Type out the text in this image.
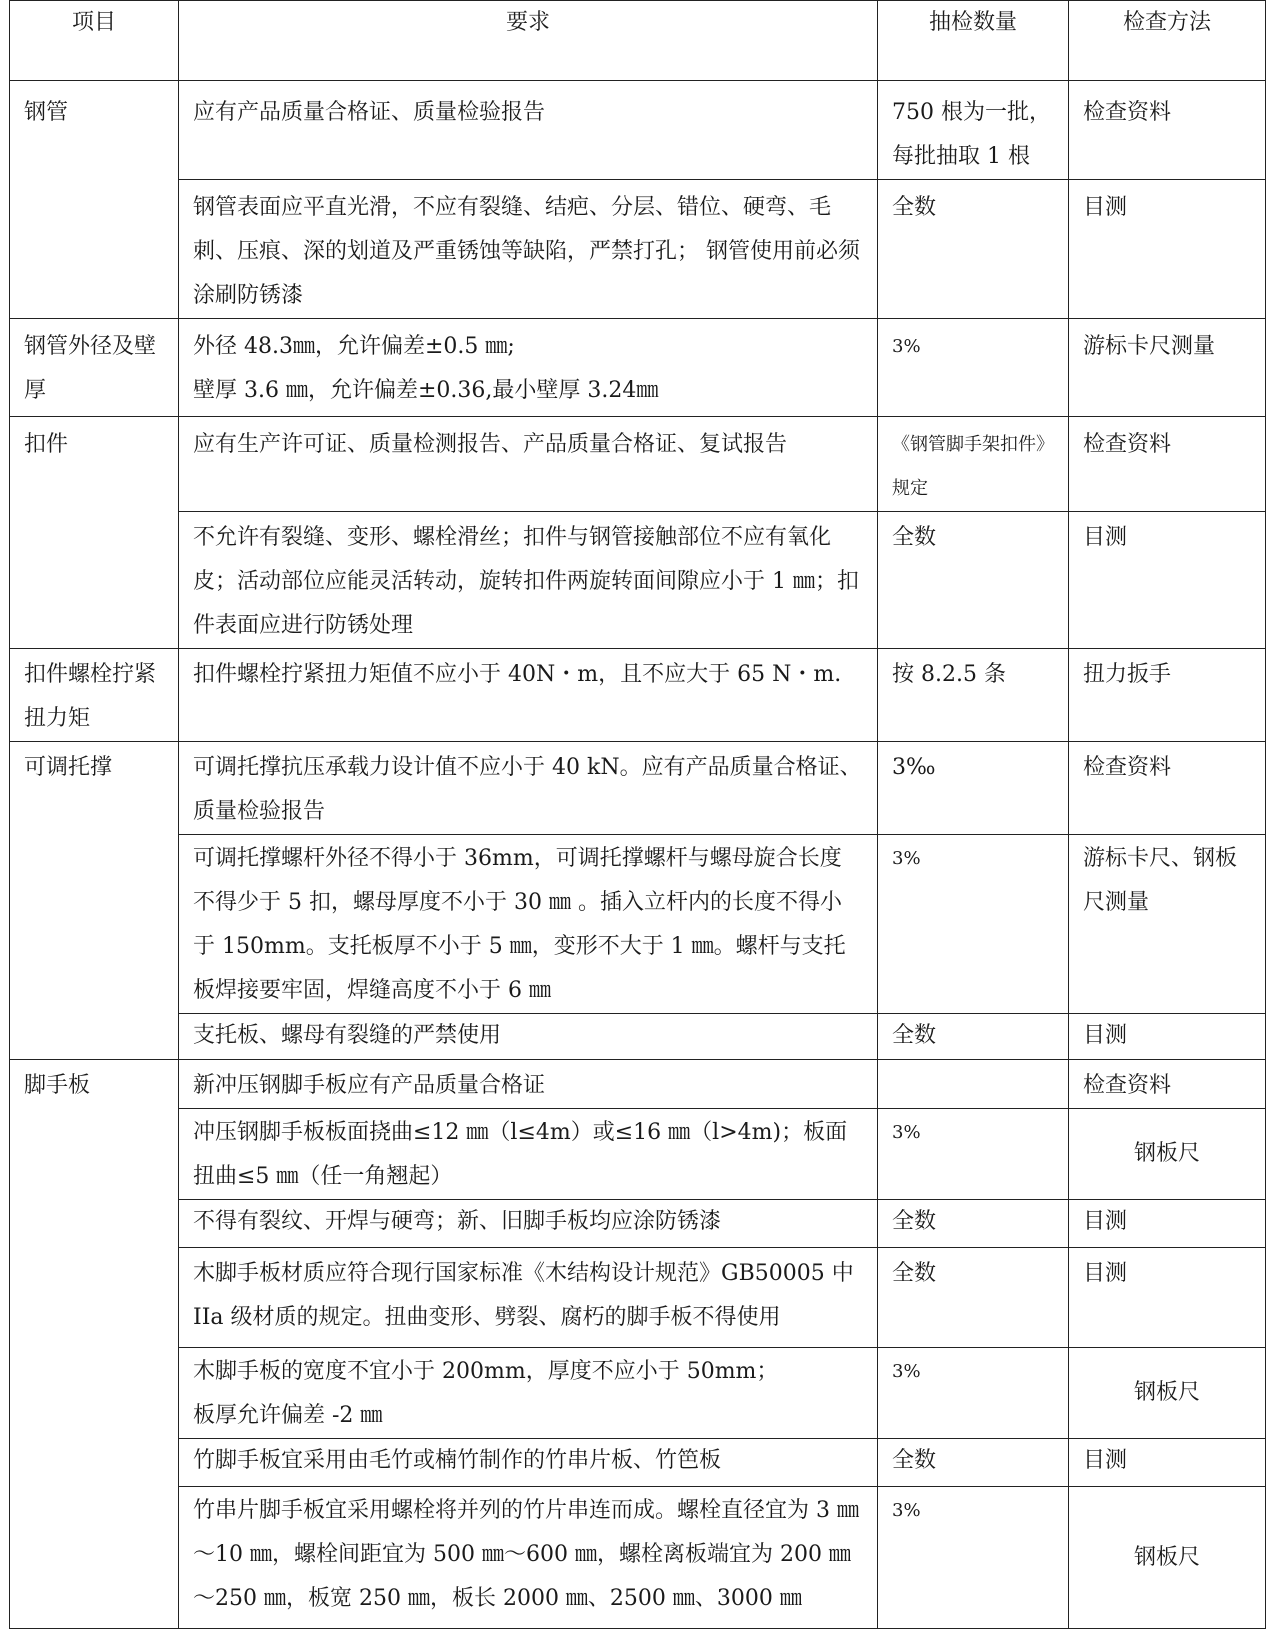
项目	要求	抽检数量	检查方法

钢管	应有产品质量合格证、质量检验报告	750 根为一批，每批抽取 1 根	检查资料

	钢管表面应平直光滑，不应有裂缝、结疤、分层、错位、硬弯、毛刺、压痕、深的划道及严重锈蚀等缺陷，严禁打孔； 钢管使用前必须涂刷防锈漆	全数	目测

钢管外径及壁厚	外径 48.3㎜，允许偏差±0.5 ㎜;
壁厚 3.6 ㎜，允许偏差±0.36,最小壁厚 3.24㎜	3%	游标卡尺测量

扣件	应有生产许可证、质量检测报告、产品质量合格证、复试报告	《钢管脚手架扣件》规定	检查资料

	不允许有裂缝、变形、螺栓滑丝；扣件与钢管接触部位不应有氧化皮；活动部位应能灵活转动，旋转扣件两旋转面间隙应小于 1 ㎜；扣件表面应进行防锈处理	全数	目测

扣件螺栓拧紧扭力矩	扣件螺栓拧紧扭力矩值不应小于 40N・m，且不应大于 65 N・m.	按 8.2.5 条	扭力扳手

可调托撑	可调托撑抗压承载力设计值不应小于 40 kN。应有产品质量合格证、质量检验报告	3‰	检查资料

	可调托撑螺杆外径不得小于 36mm，可调托撑螺杆与螺母旋合长度不得少于 5 扣，螺母厚度不小于 30 ㎜ 。插入立杆内的长度不得小于 150mm。支托板厚不小于 5 ㎜，变形不大于 1 ㎜。螺杆与支托板焊接要牢固，焊缝高度不小于 6 ㎜	3%	游标卡尺、钢板尺测量

	支托板、螺母有裂缝的严禁使用	全数	目测

脚手板	新冲压钢脚手板应有产品质量合格证		检查资料

	冲压钢脚手板板面挠曲≤12 ㎜（l≤4m）或≤16 ㎜（l>4m)；板面扭曲≤5 ㎜（任一角翘起）	3%	钢板尺

	不得有裂纹、开焊与硬弯；新、旧脚手板均应涂防锈漆	全数	目测

	木脚手板材质应符合现行国家标准《木结构设计规范》GB50005 中 IIa 级材质的规定。扭曲变形、劈裂、腐朽的脚手板不得使用	全数	目测

	木脚手板的宽度不宜小于 200mm，厚度不应小于 50mm；
板厚允许偏差 -2 ㎜	3%	钢板尺

	竹脚手板宜采用由毛竹或楠竹制作的竹串片板、竹笆板	全数	目测

	竹串片脚手板宜采用螺栓将并列的竹片串连而成。螺栓直径宜为 3 ㎜～10 ㎜，螺栓间距宜为 500 ㎜～600 ㎜，螺栓离板端宜为 200 ㎜～250 ㎜，板宽 250 ㎜，板长 2000 ㎜、2500 ㎜、3000 ㎜	3%	钢板尺
